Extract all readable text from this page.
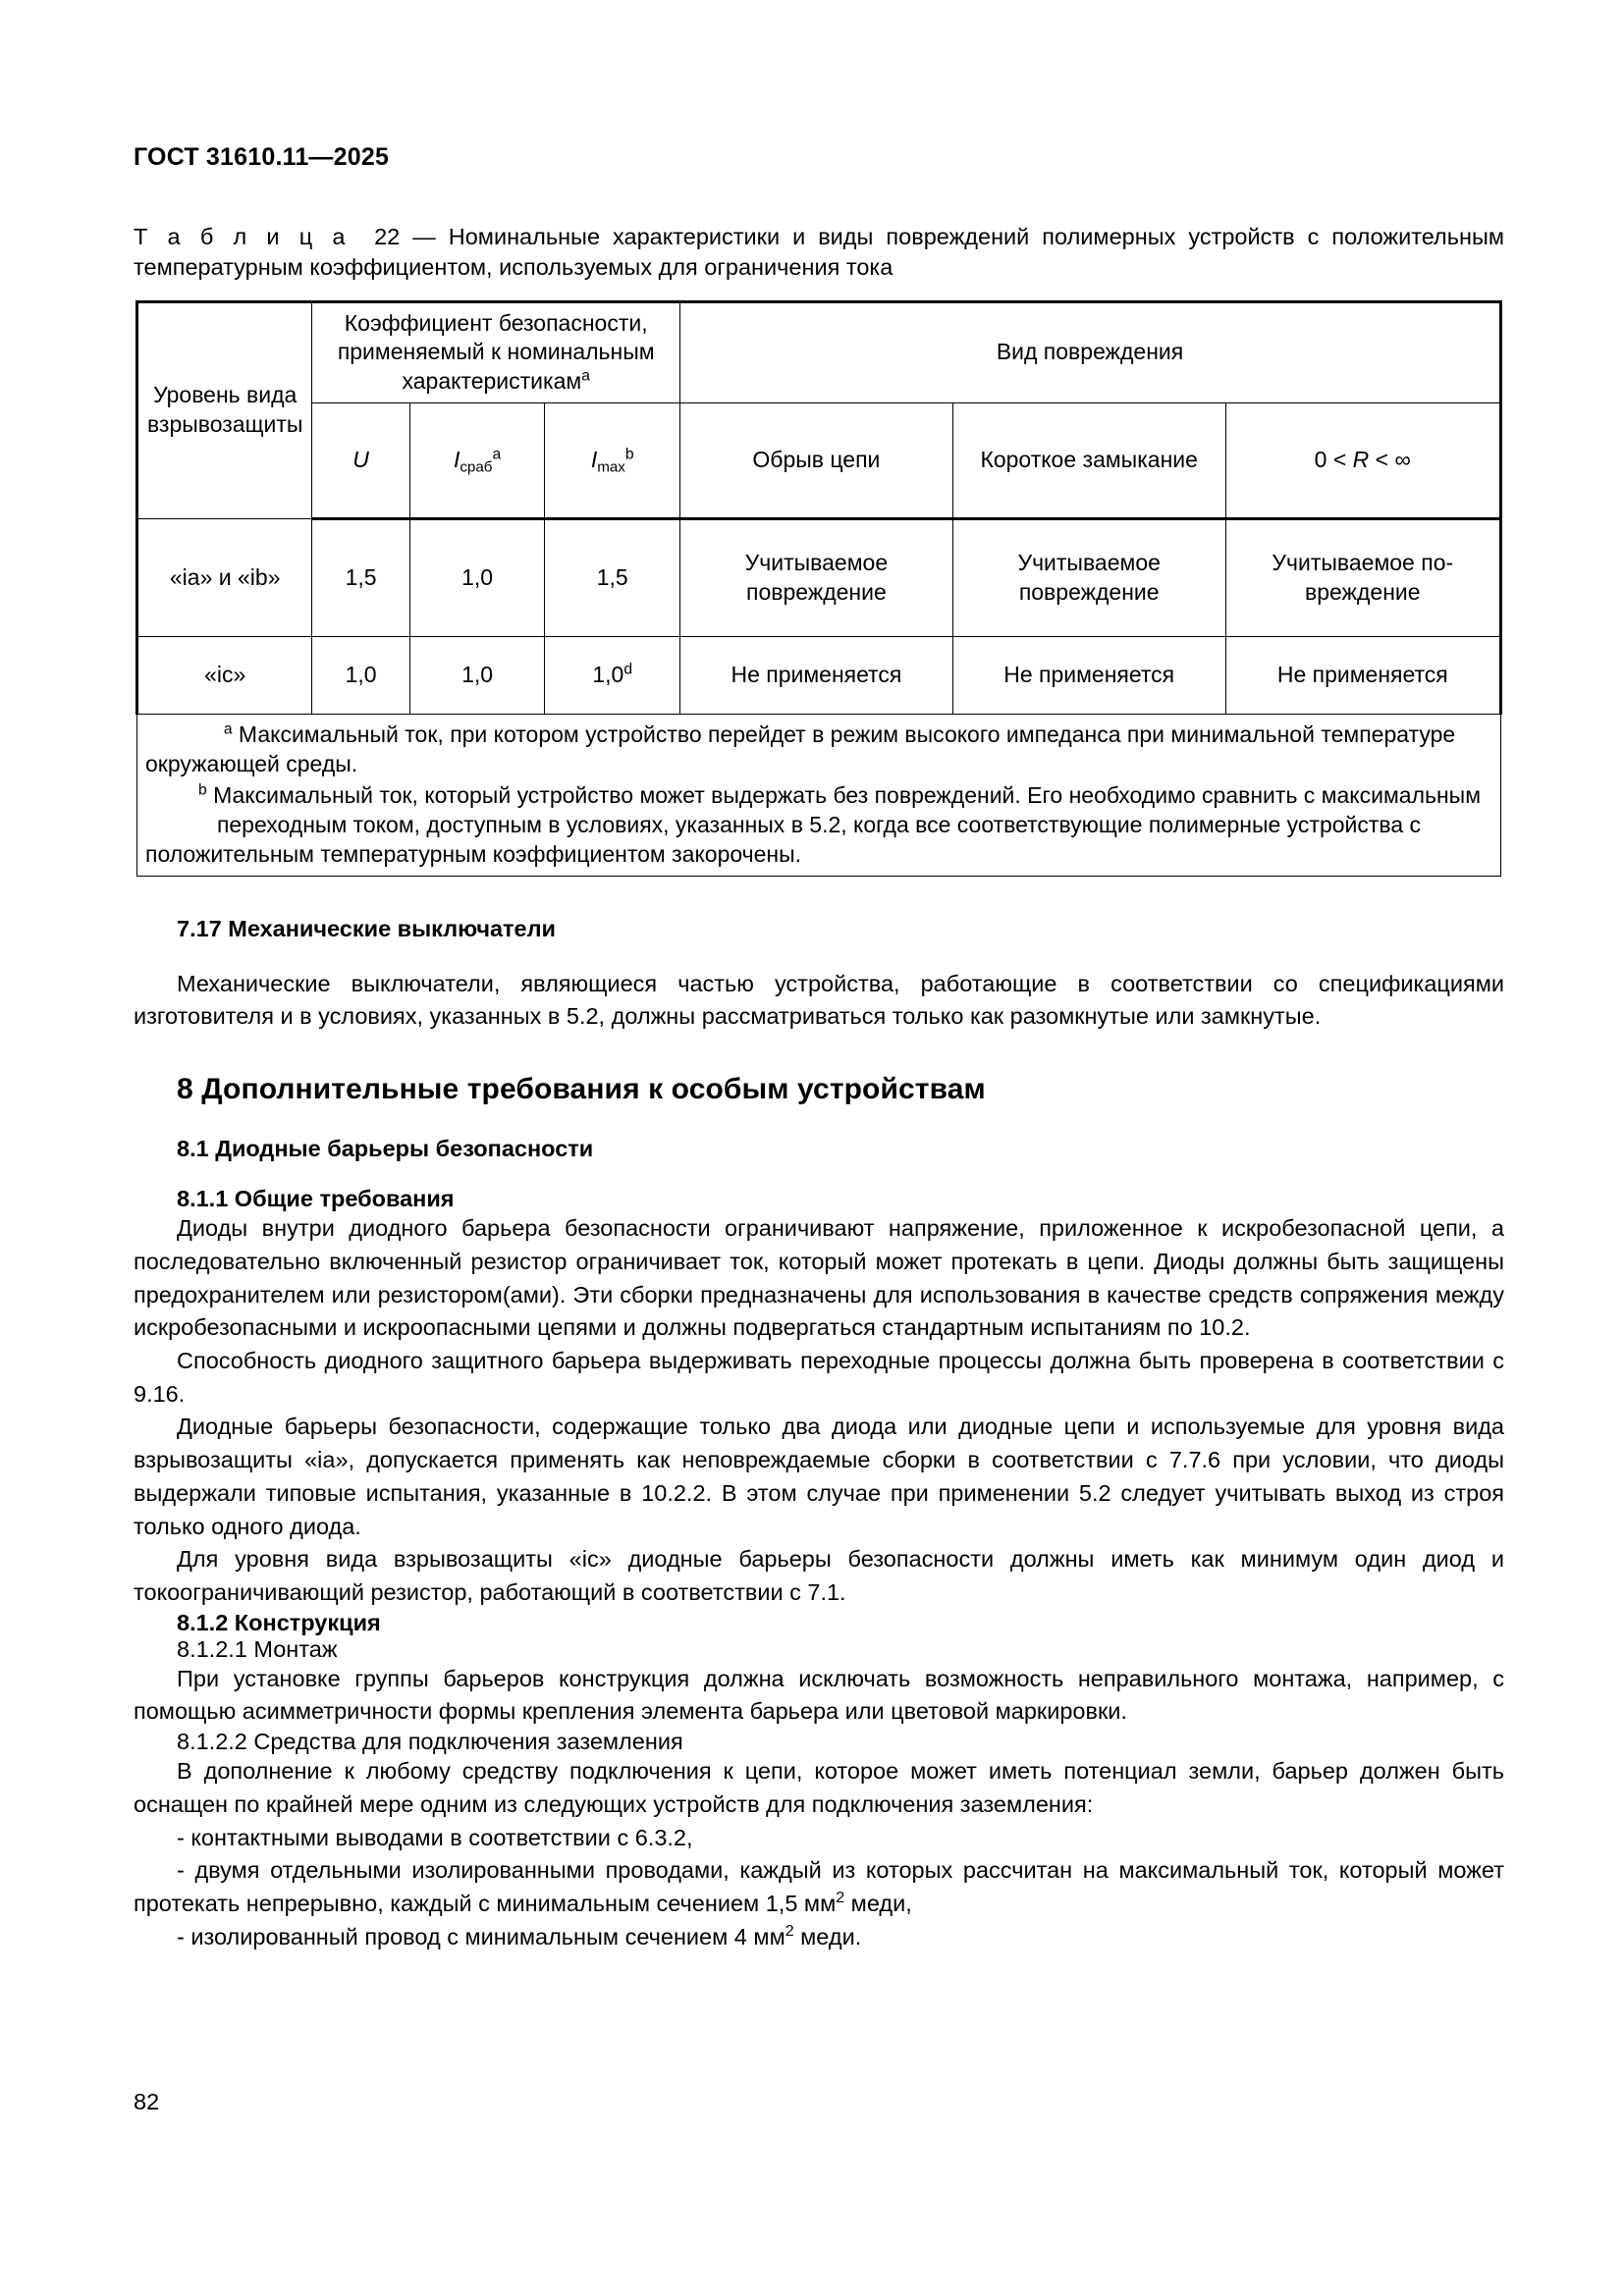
ГОСТ 31610.11—2025
Т а б л и ц а 22 — Номинальные характеристики и виды повреждений полимерных устройств с положительным температурным коэффициентом, используемых для ограничения тока
Уровень вида взрывозащиты	Коэффициент безопасности, применяемый к номинальным характеристикам$^a$			Вид повреждения		
	U	$I_{сраб}^a$	$I_{max}^b$	Обрыв цепи	Короткое замыкание	0 < R < ∞
«ia» и «ib»	1,5	1,0	1,5	Учитываемое повреждение	Учитываемое повреждение	Учитываемое по-вреждение
«ic»	1,0	1,0	1,0$^d$	Не применяется	Не применяется	Не применяется

$^a$ Максимальный ток, при котором устройство перейдет в режим высокого импеданса при минимальной температуре окружающей среды.

$^b$ Максимальный ток, который устройство может выдержать без повреждений. Его необходимо сравнить с максимальным переходным током, доступным в условиях, указанных в 5.2, когда все соответствующие полимерные устройства с положительным температурным коэффициентом закорочены.						

7.17 Механические выключатели

Механические выключатели, являющиеся частью устройства, работающие в соответствии со спецификациями изготовителя и в условиях, указанных в 5.2, должны рассматриваться только как разомкнутые или замкнутые.

8 Дополнительные требования к особым устройствам
8.1 Диодные барьеры безопасности
8.1.1 Общие требования

Диоды внутри диодного барьера безопасности ограничивают напряжение, приложенное к искробезопасной цепи, а последовательно включенный резистор ограничивает ток, который может протекать в цепи. Диоды должны быть защищены предохранителем или резистором(ами). Эти сборки предназначены для использования в качестве средств сопряжения между искробезопасными и искроопасными цепями и должны подвергаться стандартным испытаниям по 10.2.

Способность диодного защитного барьера выдерживать переходные процессы должна быть проверена в соответствии с 9.16.

Диодные барьеры безопасности, содержащие только два диода или диодные цепи и используемые для уровня вида взрывозащиты «ia», допускается применять как неповреждаемые сборки в соответствии с 7.7.6 при условии, что диоды выдержали типовые испытания, указанные в 10.2.2. В этом случае при применении 5.2 следует учитывать выход из строя только одного диода.

Для уровня вида взрывозащиты «ic» диодные барьеры безопасности должны иметь как минимум один диод и токоограничивающий резистор, работающий в соответствии с 7.1.

8.1.2 Конструкция
8.1.2.1 Монтаж

При установке группы барьеров конструкция должна исключать возможность неправильного монтажа, например, с помощью асимметричности формы крепления элемента барьера или цветовой маркировки.

8.1.2.2 Средства для подключения заземления

В дополнение к любому средству подключения к цепи, которое может иметь потенциал земли, барьер должен быть оснащен по крайней мере одним из следующих устройств для подключения заземления:

- контактными выводами в соответствии с 6.3.2,

- двумя отдельными изолированными проводами, каждый из которых рассчитан на максимальный ток, который может протекать непрерывно, каждый с минимальным сечением 1,5 $мм^2$ меди,

- изолированный провод с минимальным сечением 4 $мм^2$ меди.

82
